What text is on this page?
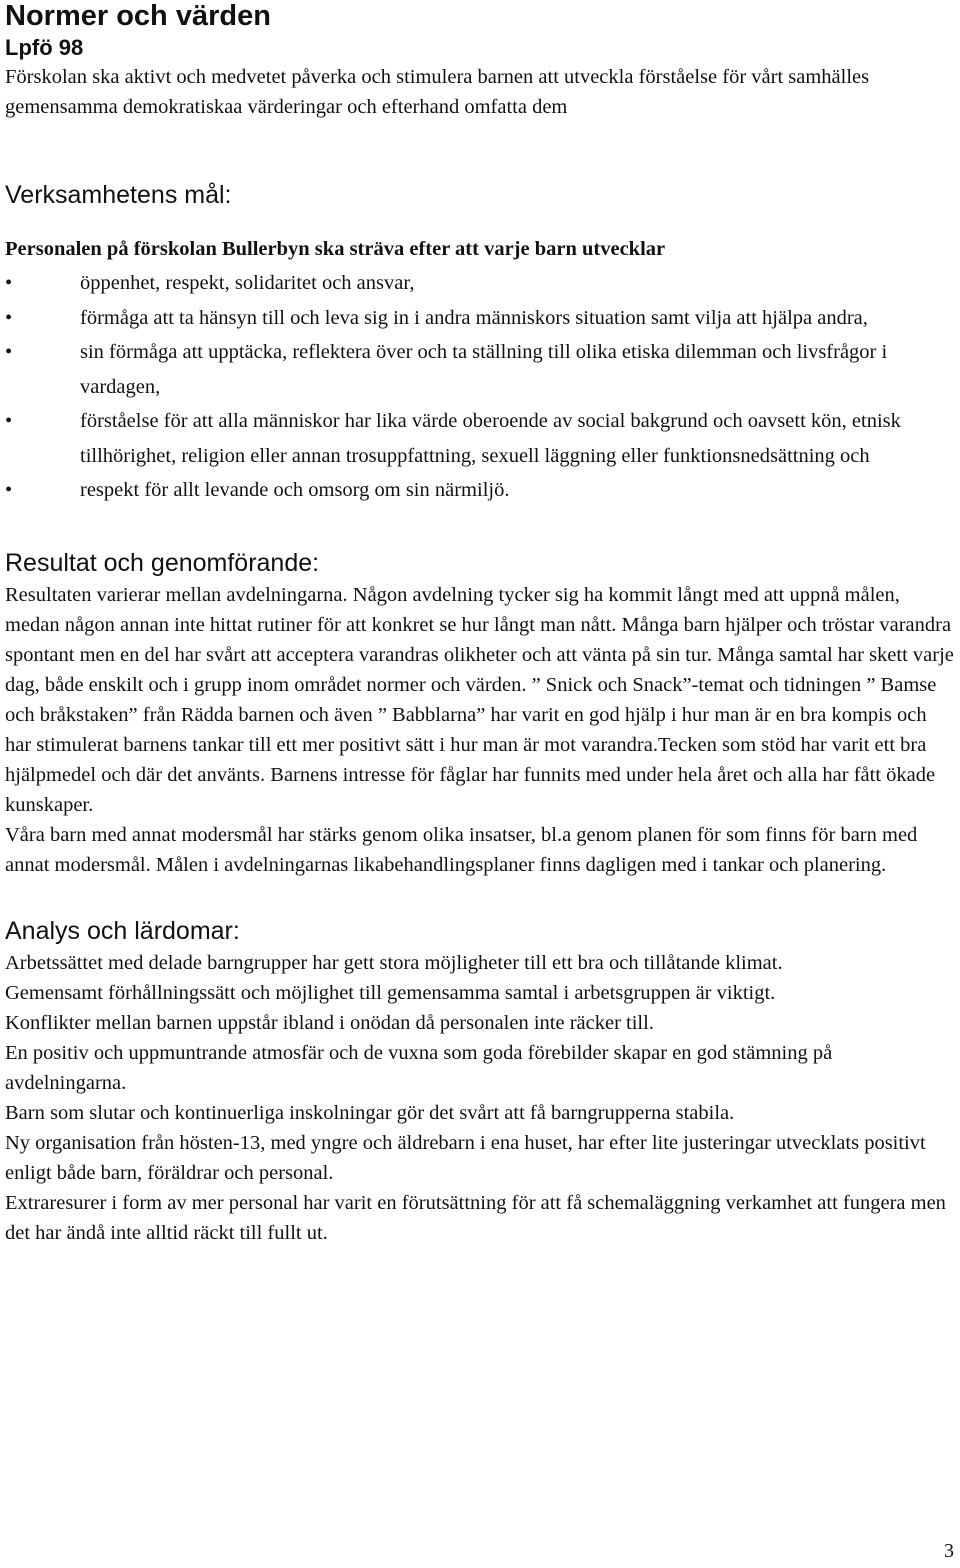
Normer och värden
Lpfö 98

Förskolan ska aktivt och medvetet påverka och stimulera barnen att utveckla förståelse för vårt samhälles gemensamma demokratiskaa värderingar och efterhand omfatta dem

Verksamhetens mål:

Personalen på förskolan Bullerbyn ska sträva efter att varje barn utvecklar

•	öppenhet, respekt, solidaritet och ansvar,
•	förmåga att ta hänsyn till och leva sig in i andra människors situation samt vilja att hjälpa andra,
•	sin förmåga att upptäcka, reflektera över och ta ställning till olika etiska dilemman och livsfrågor i vardagen,
•	förståelse för att alla människor har lika värde oberoende av social bakgrund och oavsett kön, etnisk tillhörighet, religion eller annan trosuppfattning, sexuell läggning eller funktionsnedsättning och
•	respekt för allt levande och omsorg om sin närmiljö.
Resultat och genomförande:

Resultaten varierar mellan avdelningarna. Någon avdelning tycker sig ha kommit långt med att uppnå målen, medan någon annan inte hittat rutiner för att konkret se hur långt man nått. Många barn hjälper och tröstar varandra spontant men en del har svårt att acceptera varandras olikheter och att vänta på sin tur. Många samtal har skett varje dag, både enskilt och i grupp inom området normer och värden. ” Snick och Snack”-temat och tidningen ” Bamse och bråkstaken” från Rädda barnen och även ” Babblarna” har varit en god hjälp i hur man är en bra kompis och har stimulerat barnens tankar till ett mer positivt sätt i hur man är mot varandra.Tecken som stöd har varit ett bra hjälpmedel och där det använts. Barnens intresse för fåglar har funnits med under hela året och alla har fått ökade kunskaper.

Våra barn med annat modersmål har stärks genom olika insatser, bl.a genom planen för som finns för barn med annat modersmål. Målen i avdelningarnas likabehandlingsplaner finns dagligen med i tankar och planering.

Analys och lärdomar:

Arbetssättet med delade barngrupper har gett stora möjligheter till ett bra och tillåtande klimat.

Gemensamt förhållningssätt och möjlighet till gemensamma samtal i arbetsgruppen är viktigt.

Konflikter mellan barnen uppstår ibland i onödan då personalen inte räcker till.

En positiv och uppmuntrande atmosfär och de vuxna som goda förebilder skapar en god stämning på avdelningarna.

Barn som slutar och kontinuerliga inskolningar gör det svårt att få barngrupperna stabila.

Ny organisation från hösten-13, med yngre och äldrebarn i ena huset, har efter lite justeringar utvecklats positivt enligt både barn, föräldrar och personal.

Extraresurer i form av mer personal har varit en förutsättning för att få schemaläggning verkamhet att fungera men det har ändå inte alltid räckt till fullt ut.

3
